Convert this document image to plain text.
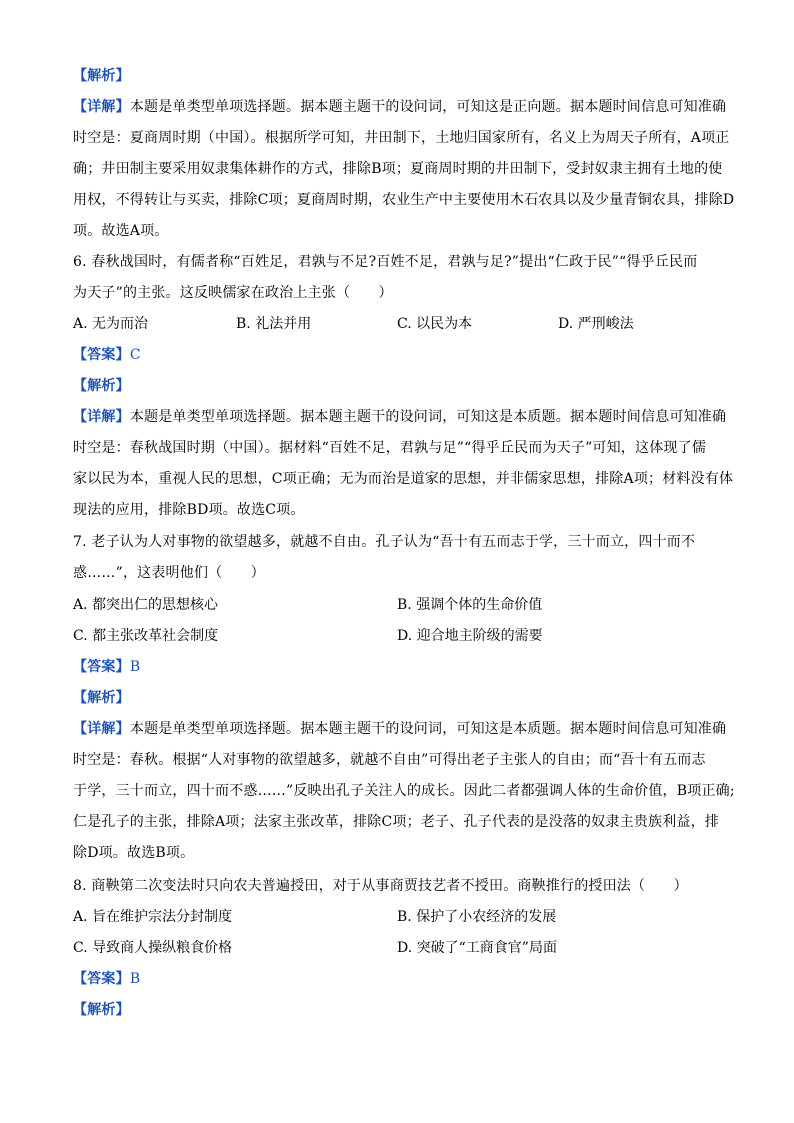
【解析】
【详解】本题是单类型单项选择题。据本题主题干的设问词，可知这是正向题。据本题时间信息可知准确
时空是：夏商周时期（中国）。根据所学可知，井田制下，土地归国家所有，名义上为周天子所有，A项正
确；井田制主要采用奴隶集体耕作的方式，排除B项；夏商周时期的井田制下，受封奴隶主拥有土地的使
用权，不得转让与买卖，排除C项；夏商周时期，农业生产中主要使用木石农具以及少量青铜农具，排除D
项。故选A项。
6. 春秋战国时，有儒者称“百姓足，君孰与不足?百姓不足，君孰与足?”提出“仁政于民”“得乎丘民而
为天子”的主张。这反映儒家在政治上主张（　　）
A. 无为而治	B. 礼法并用	C. 以民为本	D. 严刑峻法
【答案】C
【解析】
【详解】本题是单类型单项选择题。据本题主题干的设问词，可知这是本质题。据本题时间信息可知准确
时空是：春秋战国时期（中国）。据材料“百姓不足，君孰与足”“得乎丘民而为天子”可知，这体现了儒
家以民为本，重视人民的思想，C项正确；无为而治是道家的思想，并非儒家思想，排除A项；材料没有体
现法的应用，排除BD项。故选C项。
7. 老子认为人对事物的欲望越多，就越不自由。孔子认为“吾十有五而志于学，三十而立，四十而不
惑……”，这表明他们（　　）
A. 都突出仁的思想核心	B. 强调个体的生命价值
C. 都主张改革社会制度	D. 迎合地主阶级的需要
【答案】B
【解析】
【详解】本题是单类型单项选择题。据本题主题干的设问词，可知这是本质题。据本题时间信息可知准确
时空是：春秋。根据“人对事物的欲望越多，就越不自由”可得出老子主张人的自由；而“吾十有五而志
于学，三十而立，四十而不惑……”反映出孔子关注人的成长。因此二者都强调人体的生命价值，B项正确;
仁是孔子的主张，排除A项；法家主张改革，排除C项；老子、孔子代表的是没落的奴隶主贵族利益，排
除D项。故选B项。
8. 商鞅第二次变法时只向农夫普遍授田，对于从事商贾技艺者不授田。商鞅推行的授田法（　　）
A. 旨在维护宗法分封制度	B. 保护了小农经济的发展
C. 导致商人操纵粮食价格	D. 突破了“工商食官”局面
【答案】B
【解析】
